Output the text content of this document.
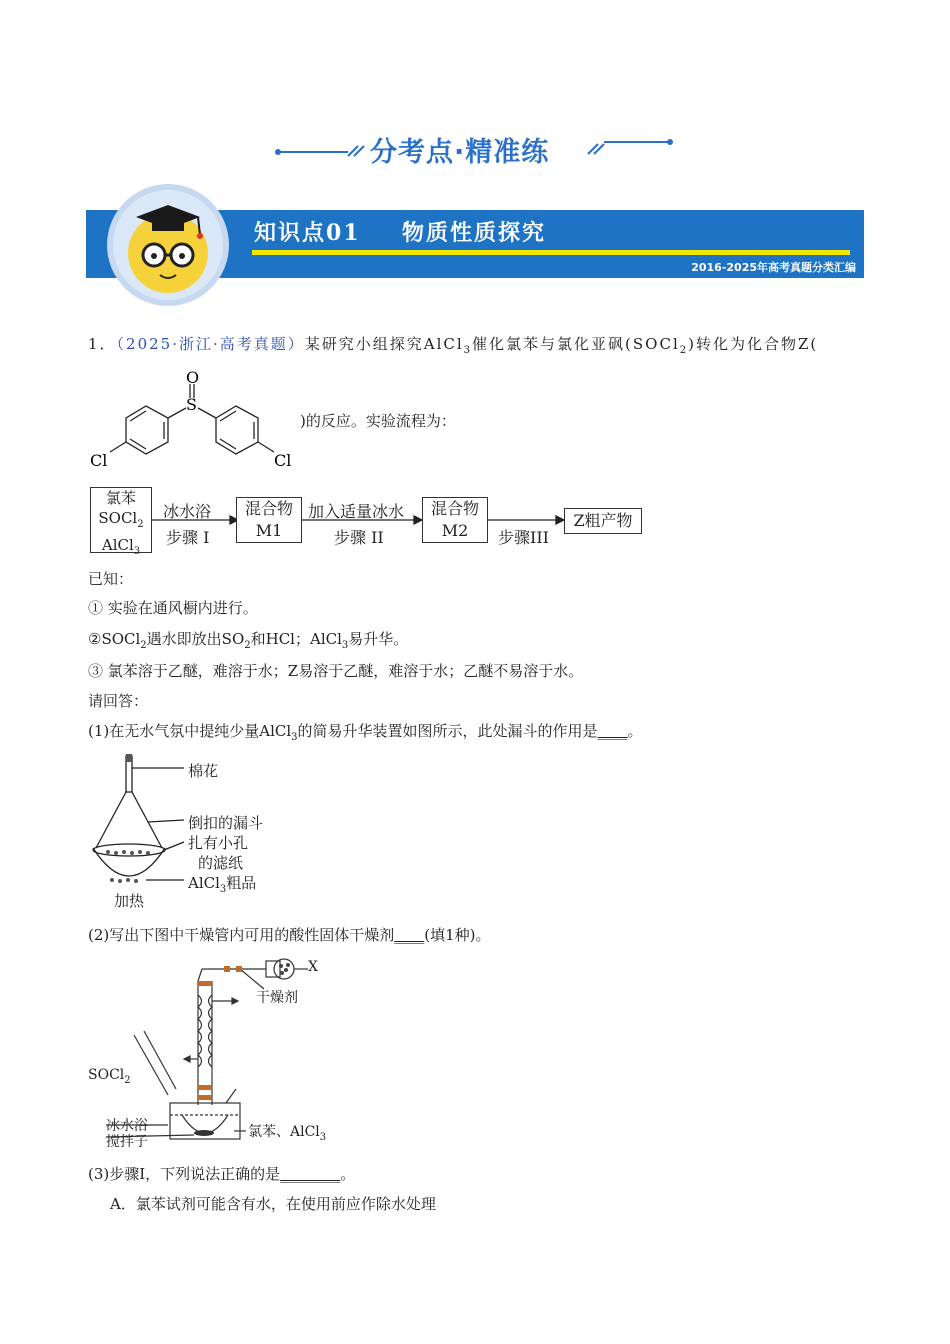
分考点·精准练
知识点01 物质性质探究
2016-2025年高考真题分类汇编
1．（2025·浙江·高考真题）某研究小组探究AlCl$_3$催化氯苯与氯化亚砜(SOCl$_2$)转化为化合物Z(
O
S
Cl	Cl
)的反应。实验流程为：
氯苯
SOCl$_2$
AlCl$_3$
冰水浴
步骤 I
混合物
M1
加入适量冰水
步骤 II
混合物
M2	步骤III
Z粗产物
已知：
① 实验在通风橱内进行。
②SOCl$_2$遇水即放出$SO_2$和HCl；AlCl$_3$易升华。
③ 氯苯溶于乙醚，难溶于水；Z易溶于乙醚，难溶于水；乙醚不易溶于水。
请回答：
(1)在无水气氛中提纯少量AlCl$_3$的简易升华装置如图所示，此处漏斗的作用是____。
棉花
倒扣的漏斗
扎有小孔
的滤纸
AlCl$_3$粗品
加热
(2)写出下图中干燥管内可用的酸性固体干燥剂____(填1种)。
X
干燥剂
SOCl$_2$
冰水浴
搅拌子
氯苯、AlCl$_3$
(3)步骤Ⅰ，下列说法正确的是________。
A．氯苯试剂可能含有水，在使用前应作除水处理
